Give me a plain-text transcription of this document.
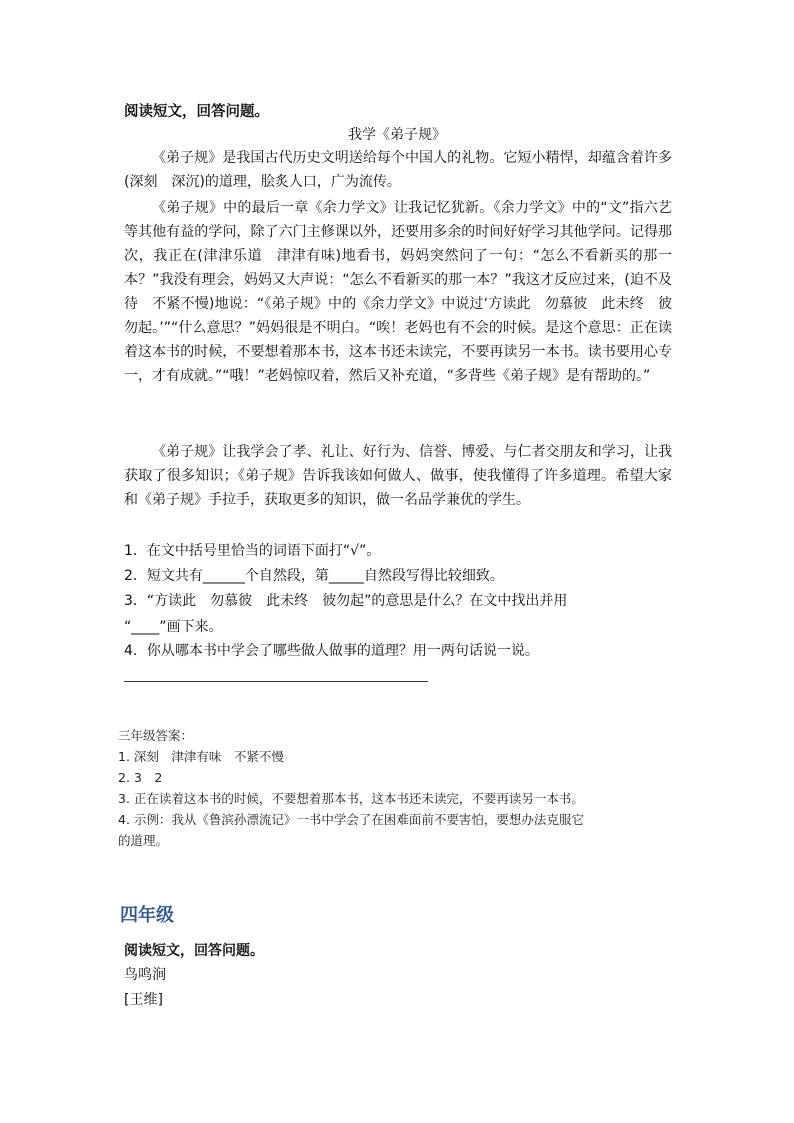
阅读短文，回答问题。
我学《弟子规》

《弟子规》是我国古代历史文明送给每个中国人的礼物。它短小精悍，却蕴含着许多(深刻　深沉)的道理，脍炙人口，广为流传。

《弟子规》中的最后一章《余力学文》让我记忆犹新。《余力学文》中的“文”指六艺等其他有益的学问，除了六门主修课以外，还要用多余的时间好好学习其他学问。记得那次，我正在(津津乐道　津津有味)地看书，妈妈突然问了一句：“怎么不看新买的那一本？”我没有理会，妈妈又大声说：“怎么不看新买的那一本？”我这才反应过来，(迫不及待　不紧不慢)地说：“《弟子规》中的《余力学文》中说过‘方读此　勿慕彼　此未终　彼勿起。’”“什么意思？”妈妈很是不明白。“唉！老妈也有不会的时候。是这个意思：正在读着这本书的时候，不要想着那本书，这本书还未读完，不要再读另一本书。读书要用心专一，才有成就。”“哦！”老妈惊叹着，然后又补充道，“多背些《弟子规》是有帮助的。”

《弟子规》让我学会了孝、礼让、好行为、信誉、博爱、与仁者交朋友和学习，让我获取了很多知识；《弟子规》告诉我该如何做人、做事，使我懂得了许多道理。希望大家和《弟子规》手拉手，获取更多的知识，做一名品学兼优的学生。

1．在文中括号里恰当的词语下面打“√”。
2．短文共有______个自然段，第_____自然段写得比较细致。
3．“方读此　勿慕彼　此未终　彼勿起”的意思是什么？在文中找出并用
“____”画下来。
4．你从哪本书中学会了哪些做人做事的道理？用一两句话说一说。
三年级答案：
1. 深刻　津津有味　不紧不慢
2. 3　2
3. 正在读着这本书的时候，不要想着那本书，这本书还未读完，不要再读另一本书。
4. 示例：我从《鲁滨孙漂流记》一书中学会了在困难面前不要害怕，要想办法克服它
的道理。
四年级
阅读短文，回答问题。
鸟鸣涧
[王维]
